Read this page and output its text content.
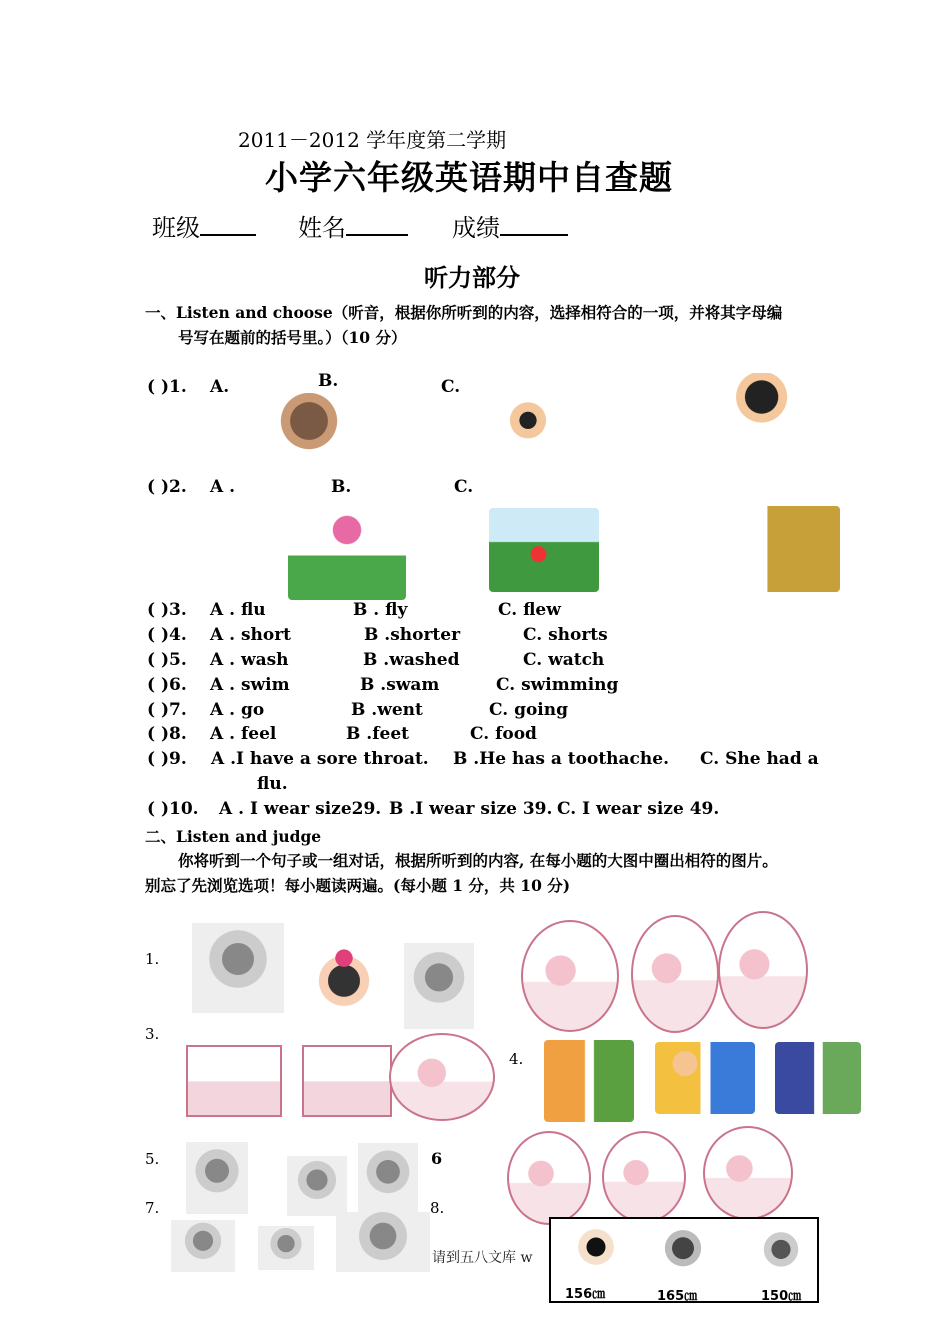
2011－2012 学年度第二学期
小学六年级英语期中自查题
班级	姓名	成绩
听力部分
一、Listen and choose（听音，根据你所听到的内容，选择相符合的一项，并将其字母编
号写在题前的括号里。）（10 分）
( )1. A.	B.	C.
( )2. A .	B.	C.
( )3. A . flu	B . fly	C. flew
( )4. A . short	B .shorter	C. shorts
( )5. A . wash	B .washed	C. watch
( )6. A . swim	B .swam	C. swimming
( )7. A . go	B .went	C. going
( )8. A . feel	B .feet	C. food
( )9. A .I have a sore throat. B .He has a toothache. C. She had a
flu.
( )10. A . I wear size29. B .I wear size 39. C. I wear size 49.
二、Listen and judge
你将听到一个句子或一组对话，根据所听到的内容, 在每小题的大图中圈出相符的图片。
别忘了先浏览选项！每小题读两遍。(每小题 1 分，共 10 分)
1.
3.
4.
5.	6
7.	8.
请到五八文库 w
156㎝	165㎝	150㎝
